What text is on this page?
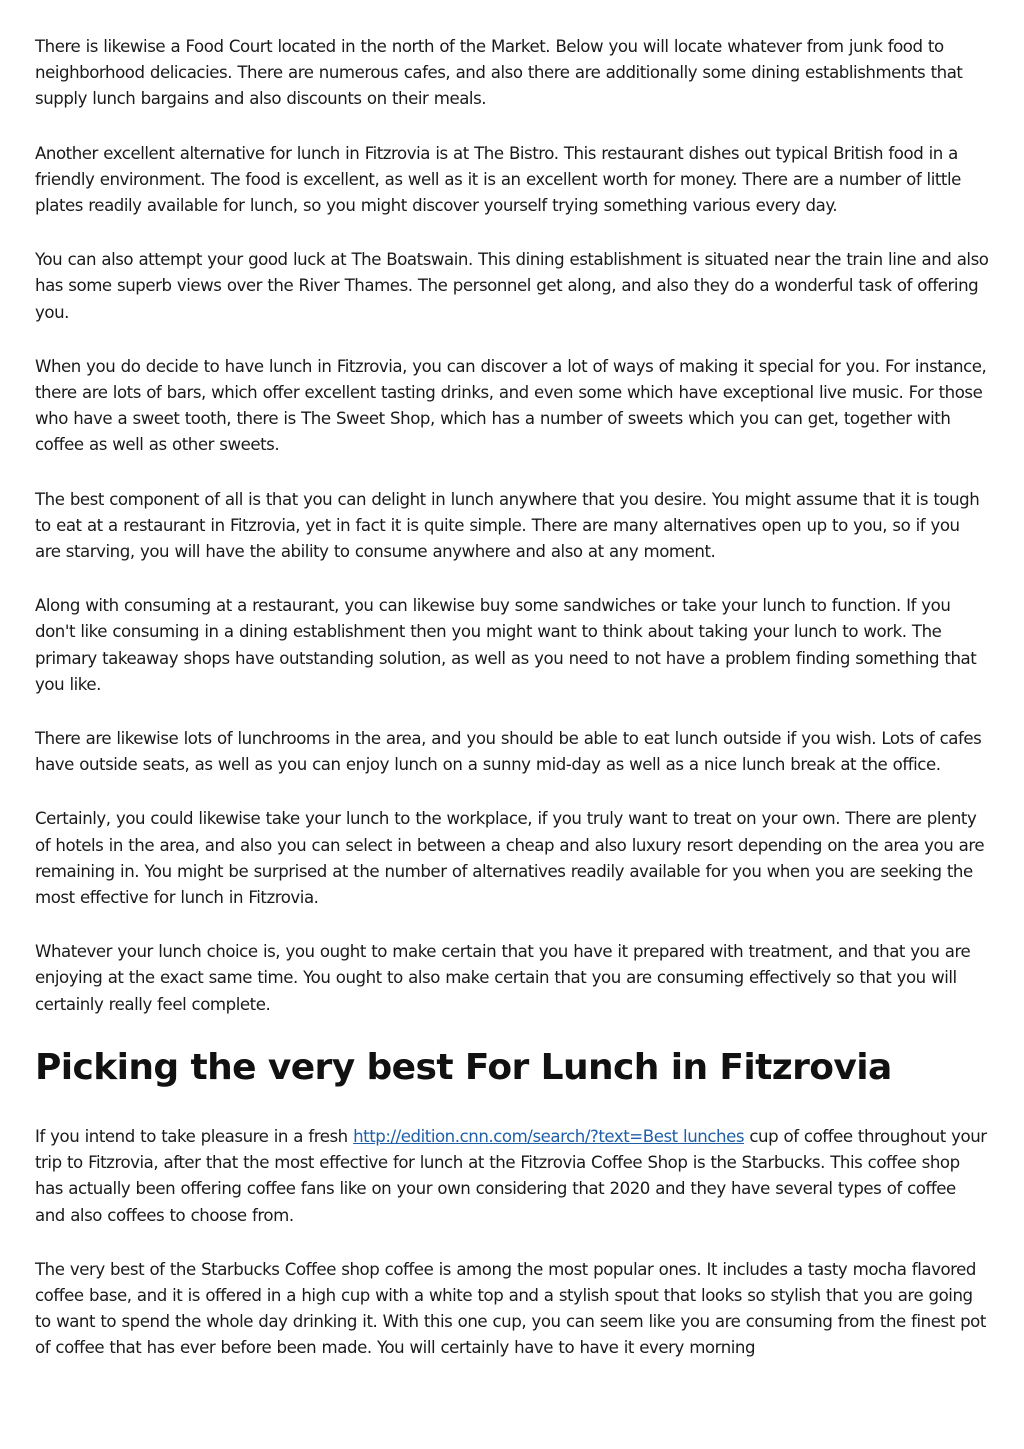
There is likewise a Food Court located in the north of the Market. Below you will locate whatever from junk food to neighborhood delicacies. There are numerous cafes, and also there are additionally some dining establishments that supply lunch bargains and also discounts on their meals.

Another excellent alternative for lunch in Fitzrovia is at The Bistro. This restaurant dishes out typical British food in a friendly environment. The food is excellent, as well as it is an excellent worth for money. There are a number of little plates readily available for lunch, so you might discover yourself trying something various every day.

You can also attempt your good luck at The Boatswain. This dining establishment is situated near the train line and also has some superb views over the River Thames. The personnel get along, and also they do a wonderful task of offering you.

When you do decide to have lunch in Fitzrovia, you can discover a lot of ways of making it special for you. For instance, there are lots of bars, which offer excellent tasting drinks, and even some which have exceptional live music. For those who have a sweet tooth, there is The Sweet Shop, which has a number of sweets which you can get, together with coffee as well as other sweets.

The best component of all is that you can delight in lunch anywhere that you desire. You might assume that it is tough to eat at a restaurant in Fitzrovia, yet in fact it is quite simple. There are many alternatives open up to you, so if you are starving, you will have the ability to consume anywhere and also at any moment.

Along with consuming at a restaurant, you can likewise buy some sandwiches or take your lunch to function. If you don't like consuming in a dining establishment then you might want to think about taking your lunch to work. The primary takeaway shops have outstanding solution, as well as you need to not have a problem finding something that you like.

There are likewise lots of lunchrooms in the area, and you should be able to eat lunch outside if you wish. Lots of cafes have outside seats, as well as you can enjoy lunch on a sunny mid-day as well as a nice lunch break at the office.

Certainly, you could likewise take your lunch to the workplace, if you truly want to treat on your own. There are plenty of hotels in the area, and also you can select in between a cheap and also luxury resort depending on the area you are remaining in. You might be surprised at the number of alternatives readily available for you when you are seeking the most effective for lunch in Fitzrovia.

Whatever your lunch choice is, you ought to make certain that you have it prepared with treatment, and that you are enjoying at the exact same time. You ought to also make certain that you are consuming effectively so that you will certainly really feel complete.

Picking the very best For Lunch in Fitzrovia

If you intend to take pleasure in a fresh http://edition.cnn.com/search/?text=Best lunches cup of coffee throughout your trip to Fitzrovia, after that the most effective for lunch at the Fitzrovia Coffee Shop is the Starbucks. This coffee shop has actually been offering coffee fans like on your own considering that 2020 and they have several types of coffee and also coffees to choose from.

The very best of the Starbucks Coffee shop coffee is among the most popular ones. It includes a tasty mocha flavored coffee base, and it is offered in a high cup with a white top and a stylish spout that looks so stylish that you are going to want to spend the whole day drinking it. With this one cup, you can seem like you are consuming from the finest pot of coffee that has ever before been made. You will certainly have to have it every morning
